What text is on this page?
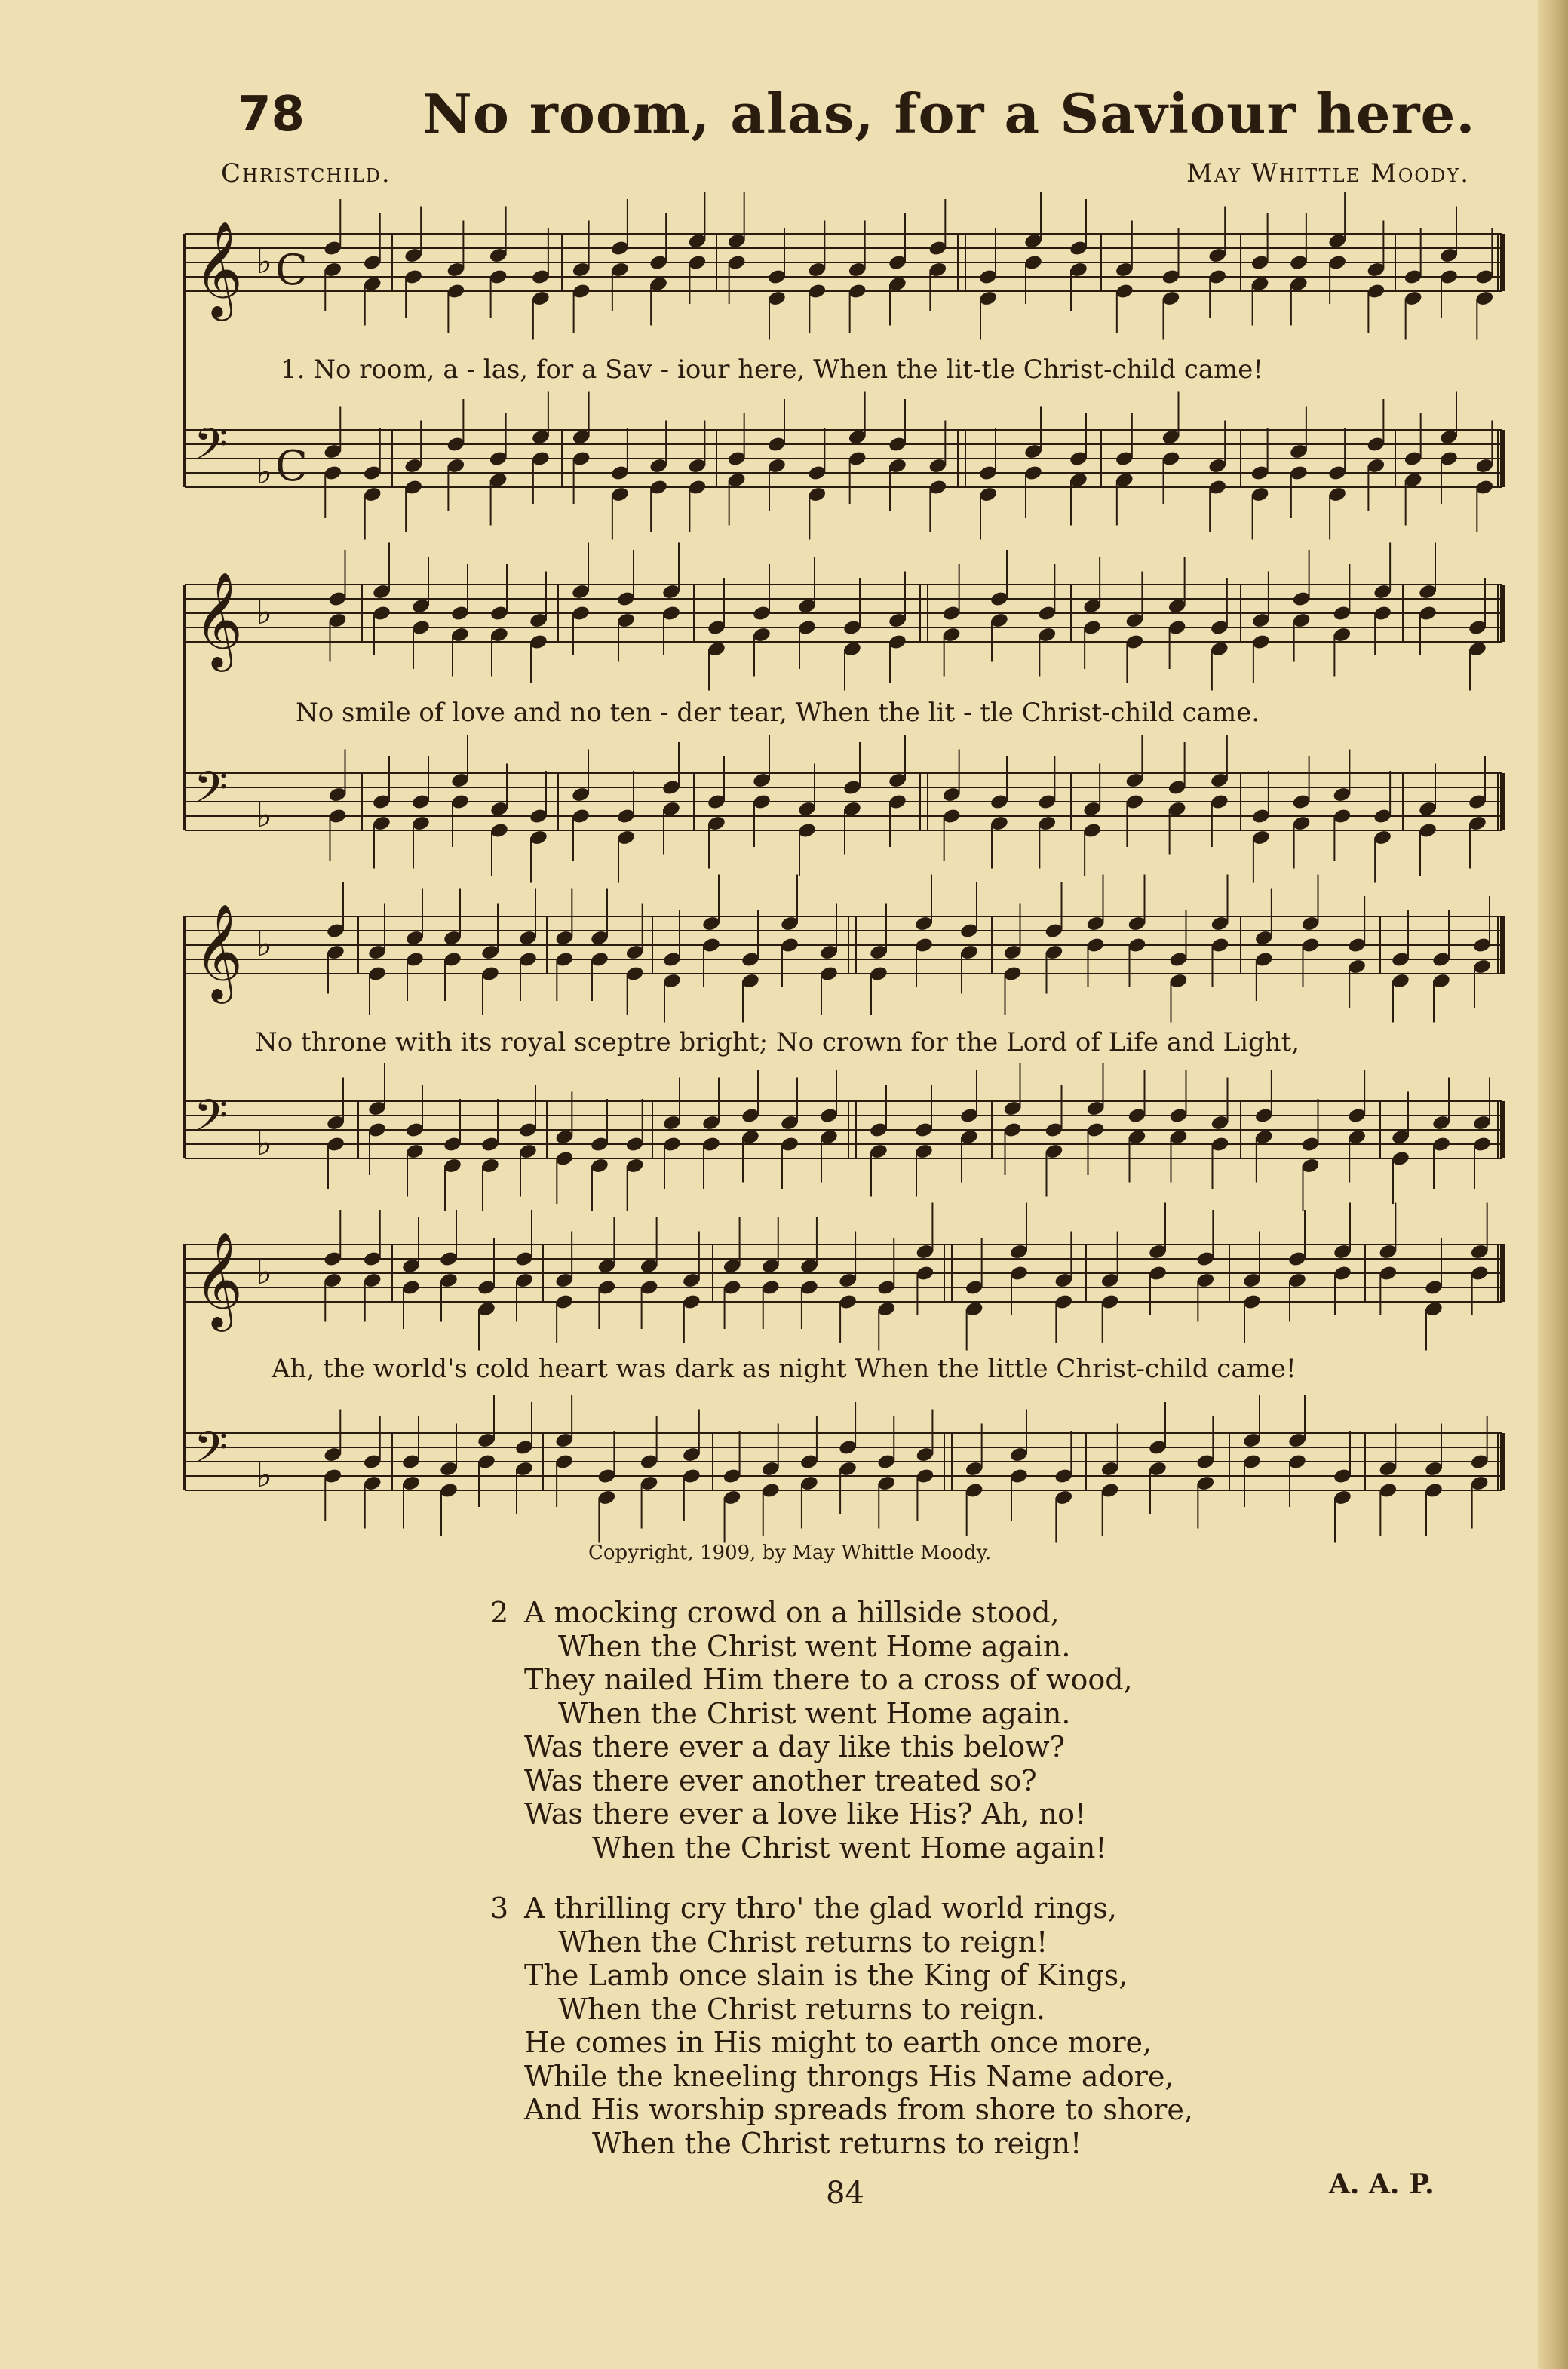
78 No room, alas, for a Saviour here.
Christchild.	May Whittle Moody.
𝄞 ♭ C
𝄢 ♭ C
𝄞 ♭
𝄢 ♭
𝄞 ♭
𝄢 ♭
𝄞 ♭
𝄢 ♭
1. No room, a - las, for a Sav - iour here, When the lit-tle Christ-child came!
No smile of love and no ten - der tear, When the lit - tle Christ-child came.
No throne with its royal sceptre bright; No crown for the Lord of Life and Light,
Ah, the world's cold heart was dark as night When the little Christ-child came!
Copyright, 1909, by May Whittle Moody.
2 A mocking crowd on a hillside stood,
When the Christ went Home again.
They nailed Him there to a cross of wood,
When the Christ went Home again.
Was there ever a day like this below?
Was there ever another treated so?
Was there ever a love like His? Ah, no!
When the Christ went Home again!
3 A thrilling cry thro' the glad world rings,
When the Christ returns to reign!
The Lamb once slain is the King of Kings,
When the Christ returns to reign.
He comes in His might to earth once more,
While the kneeling throngs His Name adore,
And His worship spreads from shore to shore,
When the Christ returns to reign!
84	A. A. P.
